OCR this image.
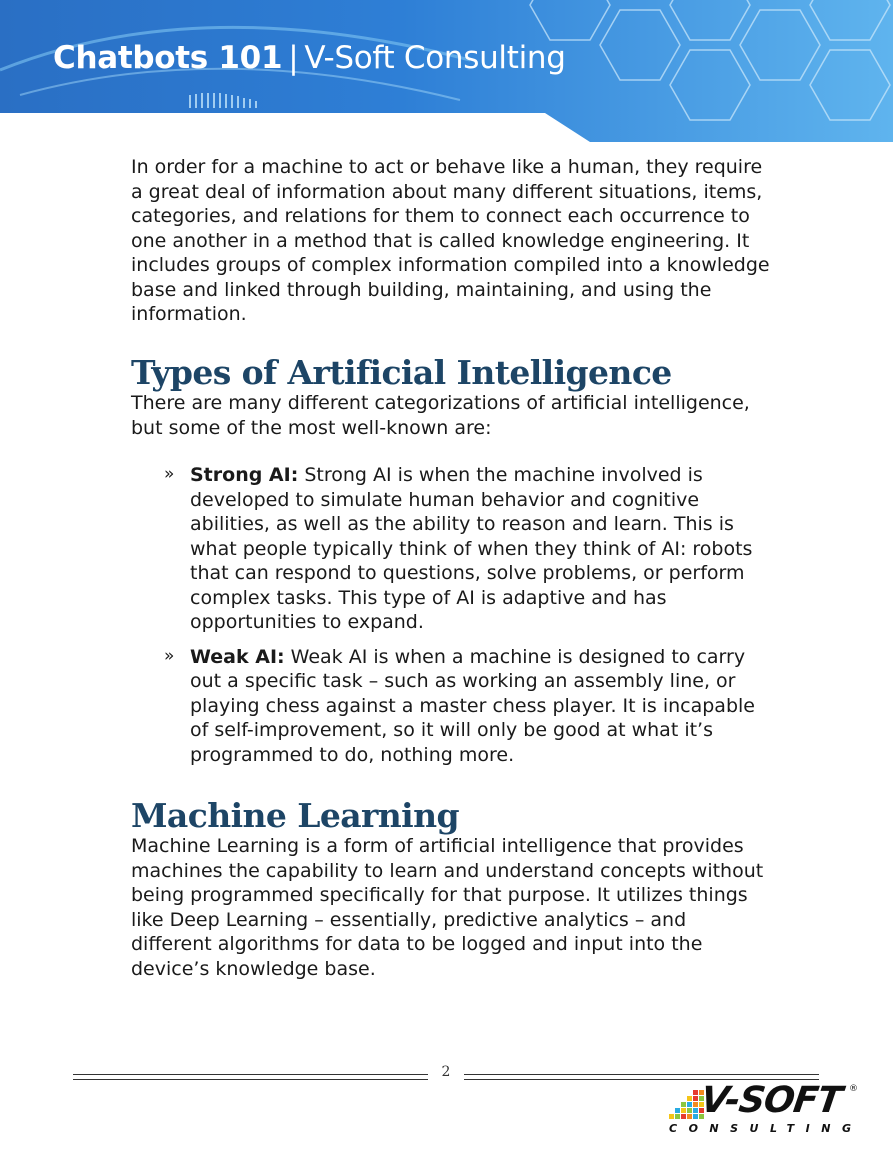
Chatbots 101 | V-Soft Consulting

In order for a machine to act or behave like a human, they require a great deal of information about many different situations, items, categories, and relations for them to connect each occurrence to one another in a method that is called knowledge engineering. It includes groups of complex information compiled into a knowledge base and linked through building, maintaining, and using the information.

Types of Artificial Intelligence

There are many different categorizations of artificial intelligence, but some of the most well-known are:

» Strong AI: Strong AI is when the machine involved is developed to simulate human behavior and cognitive abilities, as well as the ability to reason and learn. This is what people typically think of when they think of AI: robots that can respond to questions, solve problems, or perform complex tasks. This type of AI is adaptive and has opportunities to expand.

» Weak AI: Weak AI is when a machine is designed to carry out a specific task – such as working an assembly line, or playing chess against a master chess player. It is incapable of self-improvement, so it will only be good at what it’s programmed to do, nothing more.

Machine Learning

Machine Learning is a form of artificial intelligence that provides machines the capability to learn and understand concepts without being programmed specifically for that purpose. It utilizes things like Deep Learning – essentially, predictive analytics – and different algorithms for data to be logged and input into the device’s knowledge base.

2
V-SOFT ®
CONSULTING
